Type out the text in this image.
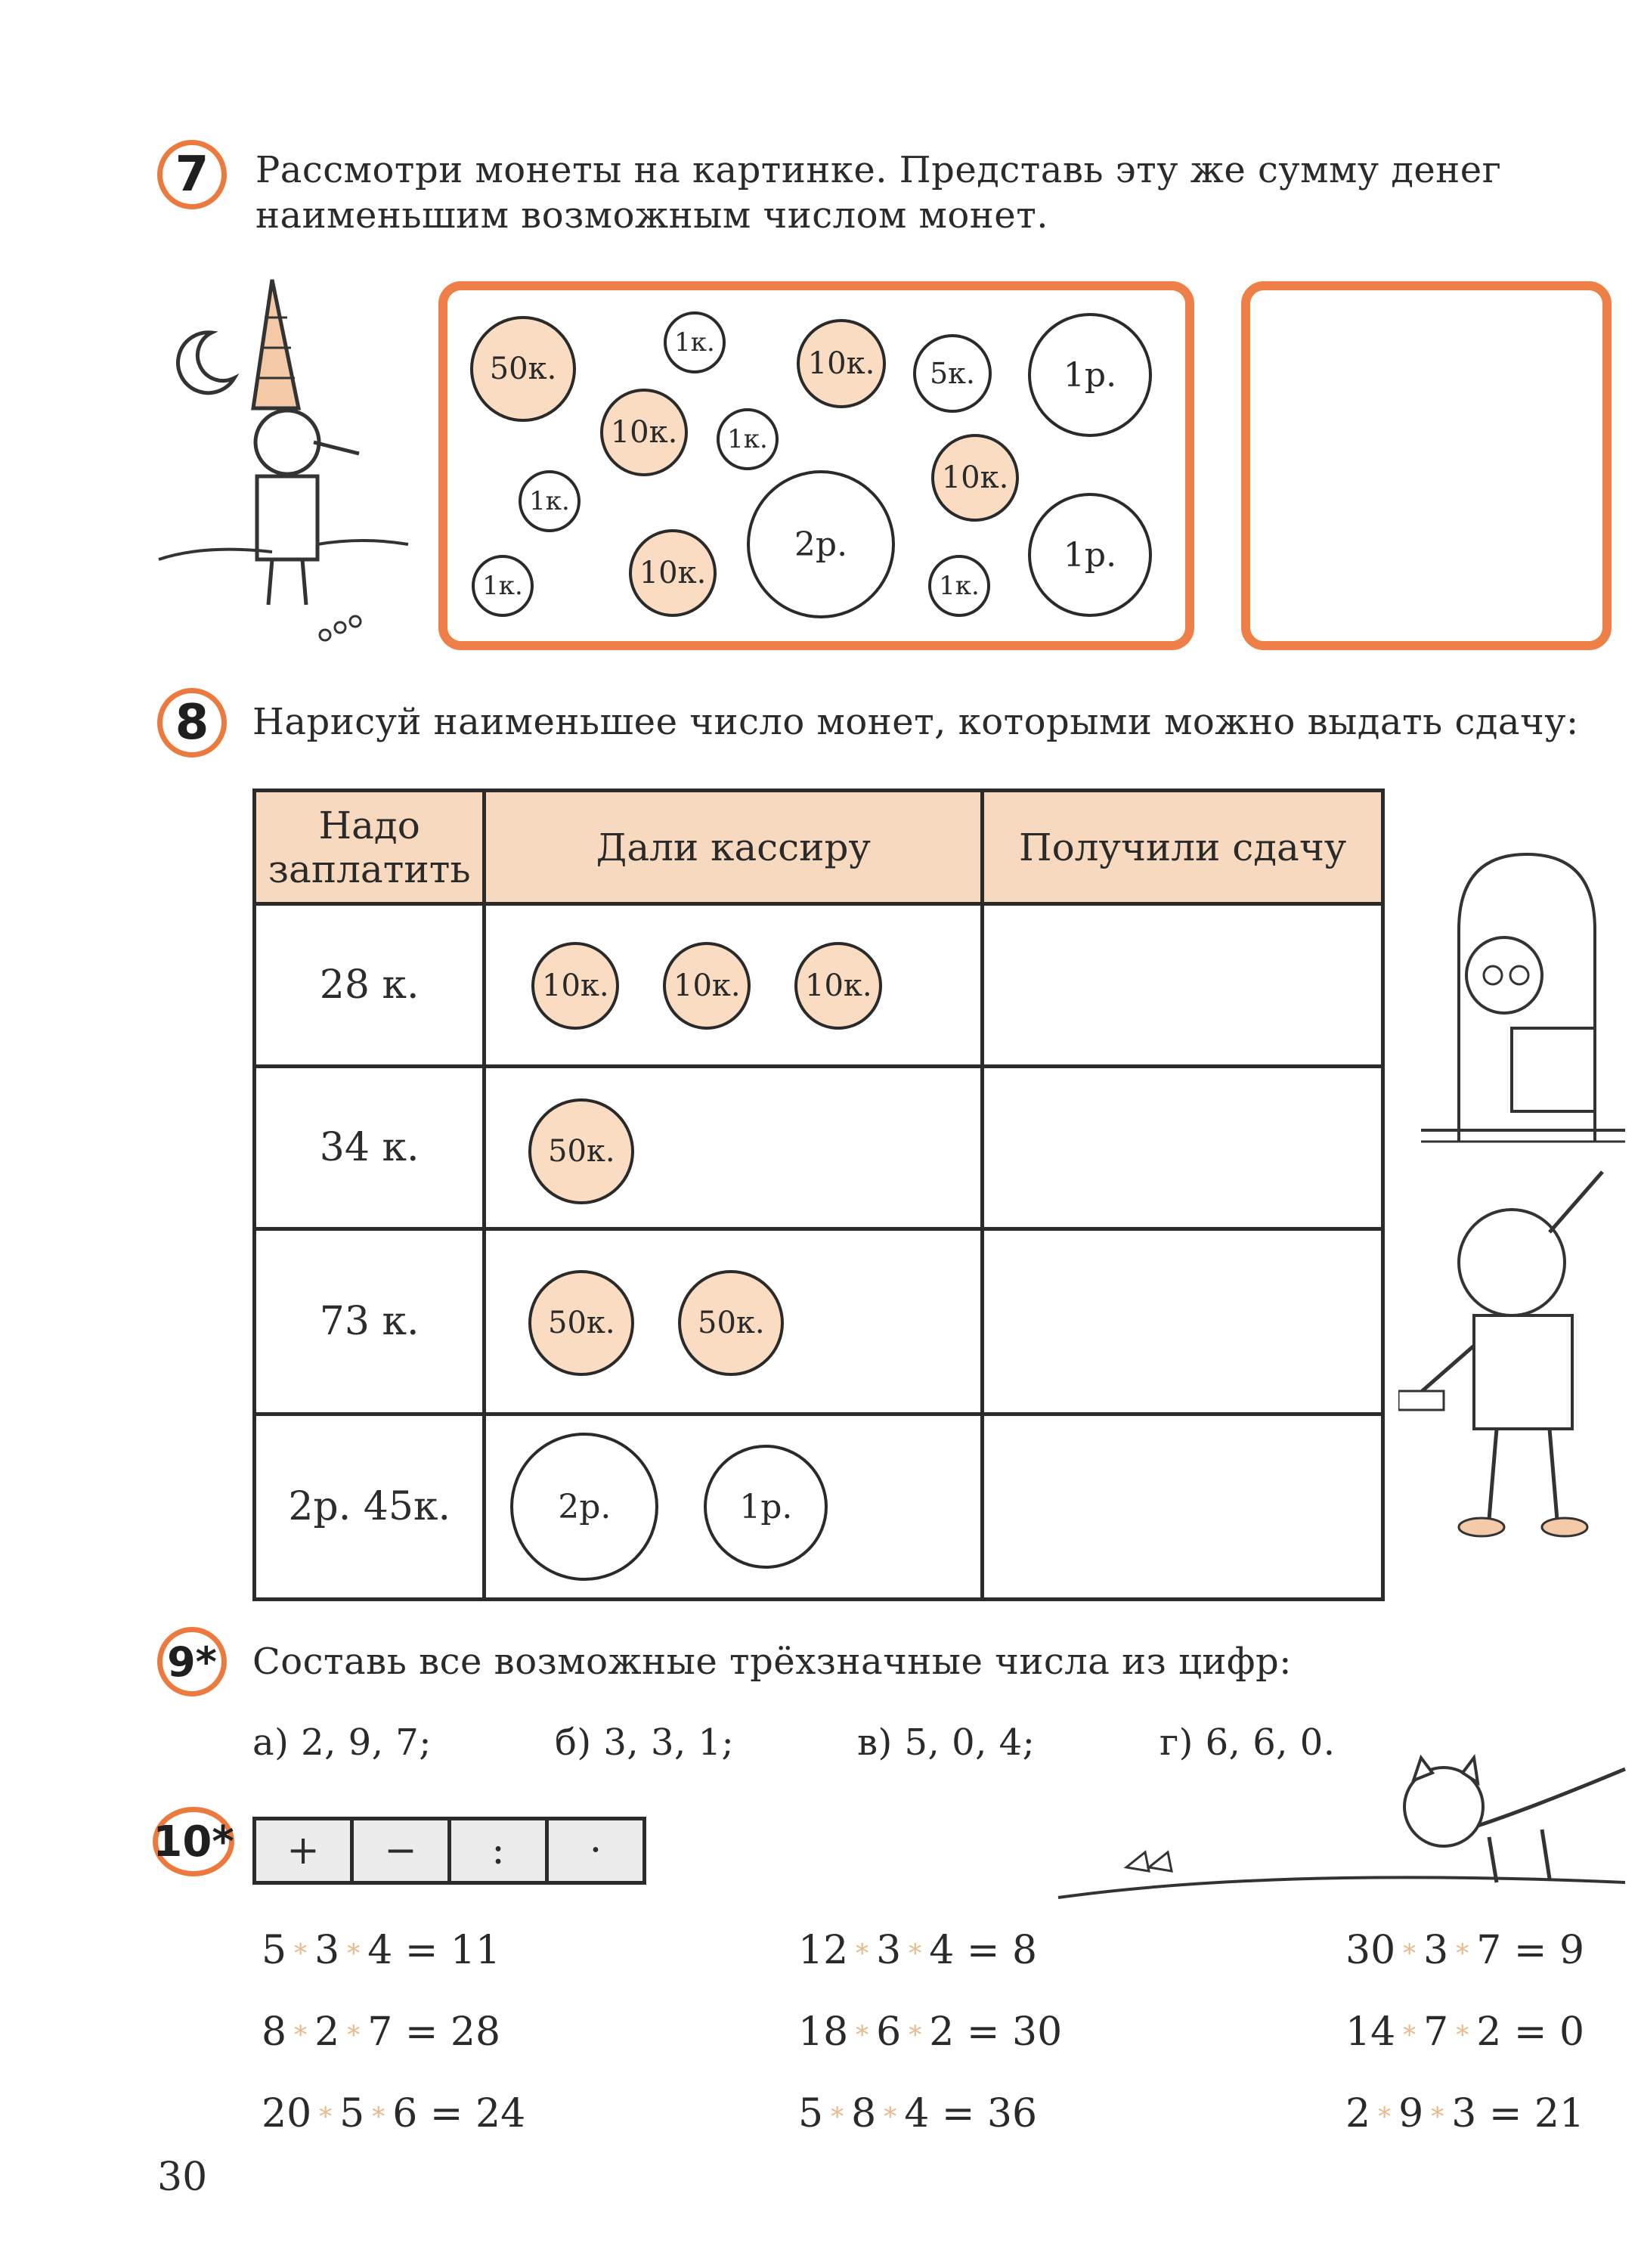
7	Рассмотри монеты на картинке. Представь эту же сумму денег наименьшим возможным числом монет.
50к.
1к.
10к.	5к.	1р.
10к.	1к.
10к.
1к.
2р.
1к.	10к.	1к.
1р.
8	Нарисуй наименьшее число монет, которыми можно выдать сдачу:
Надо заплатить	Дали кассиру	Получили сдачу
28 к.	10к. 10к. 10к.	

34 к.	50к.	

73 к.	50к. 50к.	

2р. 45к.	2р. 1р.	

9* Составь все возможные трёхзначные числа из цифр:
а) 2, 9, 7;	б) 3, 3, 1;	в) 5, 0, 4;	г) 6, 6, 0.
10*	+	−	:	·
5 * 3 * 4 = 11	12 * 3 * 4 = 8	30 * 3 * 7 = 9
8 * 2 * 7 = 28	18 * 6 * 2 = 30	14 * 7 * 2 = 0
20 * 5 * 6 = 24	5 * 8 * 4 = 36	2 * 9 * 3 = 21
30
